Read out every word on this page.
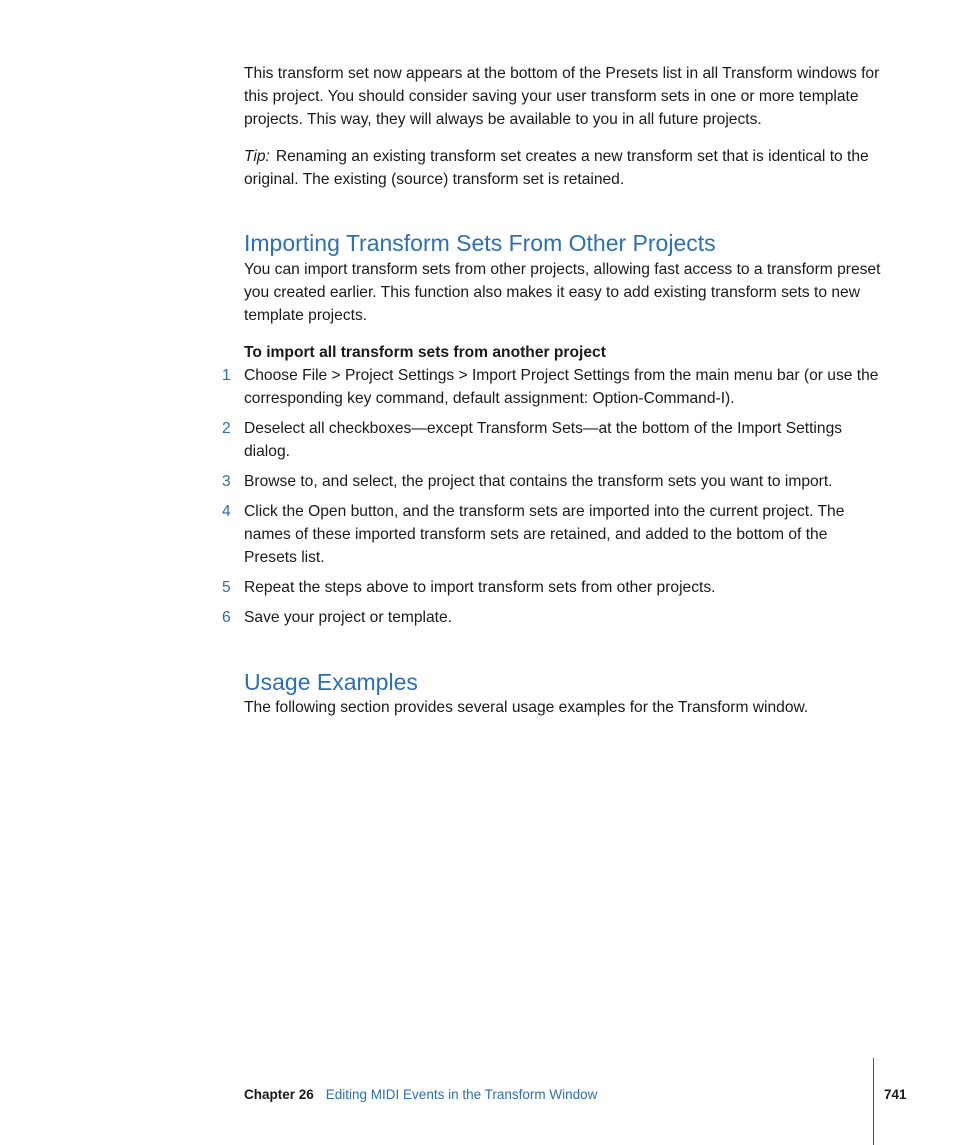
This transform set now appears at the bottom of the Presets list in all Transform windows for this project. You should consider saving your user transform sets in one or more template projects. This way, they will always be available to you in all future projects.

Tip: Renaming an existing transform set creates a new transform set that is identical to the original. The existing (source) transform set is retained.

Importing Transform Sets From Other Projects

You can import transform sets from other projects, allowing fast access to a transform preset you created earlier. This function also makes it easy to add existing transform sets to new template projects.

To import all transform sets from another project

1 Choose File > Project Settings > Import Project Settings from the main menu bar (or use the corresponding key command, default assignment: Option-Command-I).
2 Deselect all checkboxes—except Transform Sets—at the bottom of the Import Settings dialog.
3 Browse to, and select, the project that contains the transform sets you want to import.
4 Click the Open button, and the transform sets are imported into the current project. The names of these imported transform sets are retained, and added to the bottom of the Presets list.
5 Repeat the steps above to import transform sets from other projects.
6 Save your project or template.
Usage Examples

The following section provides several usage examples for the Transform window.

Chapter 26 Editing MIDI Events in the Transform Window	741
